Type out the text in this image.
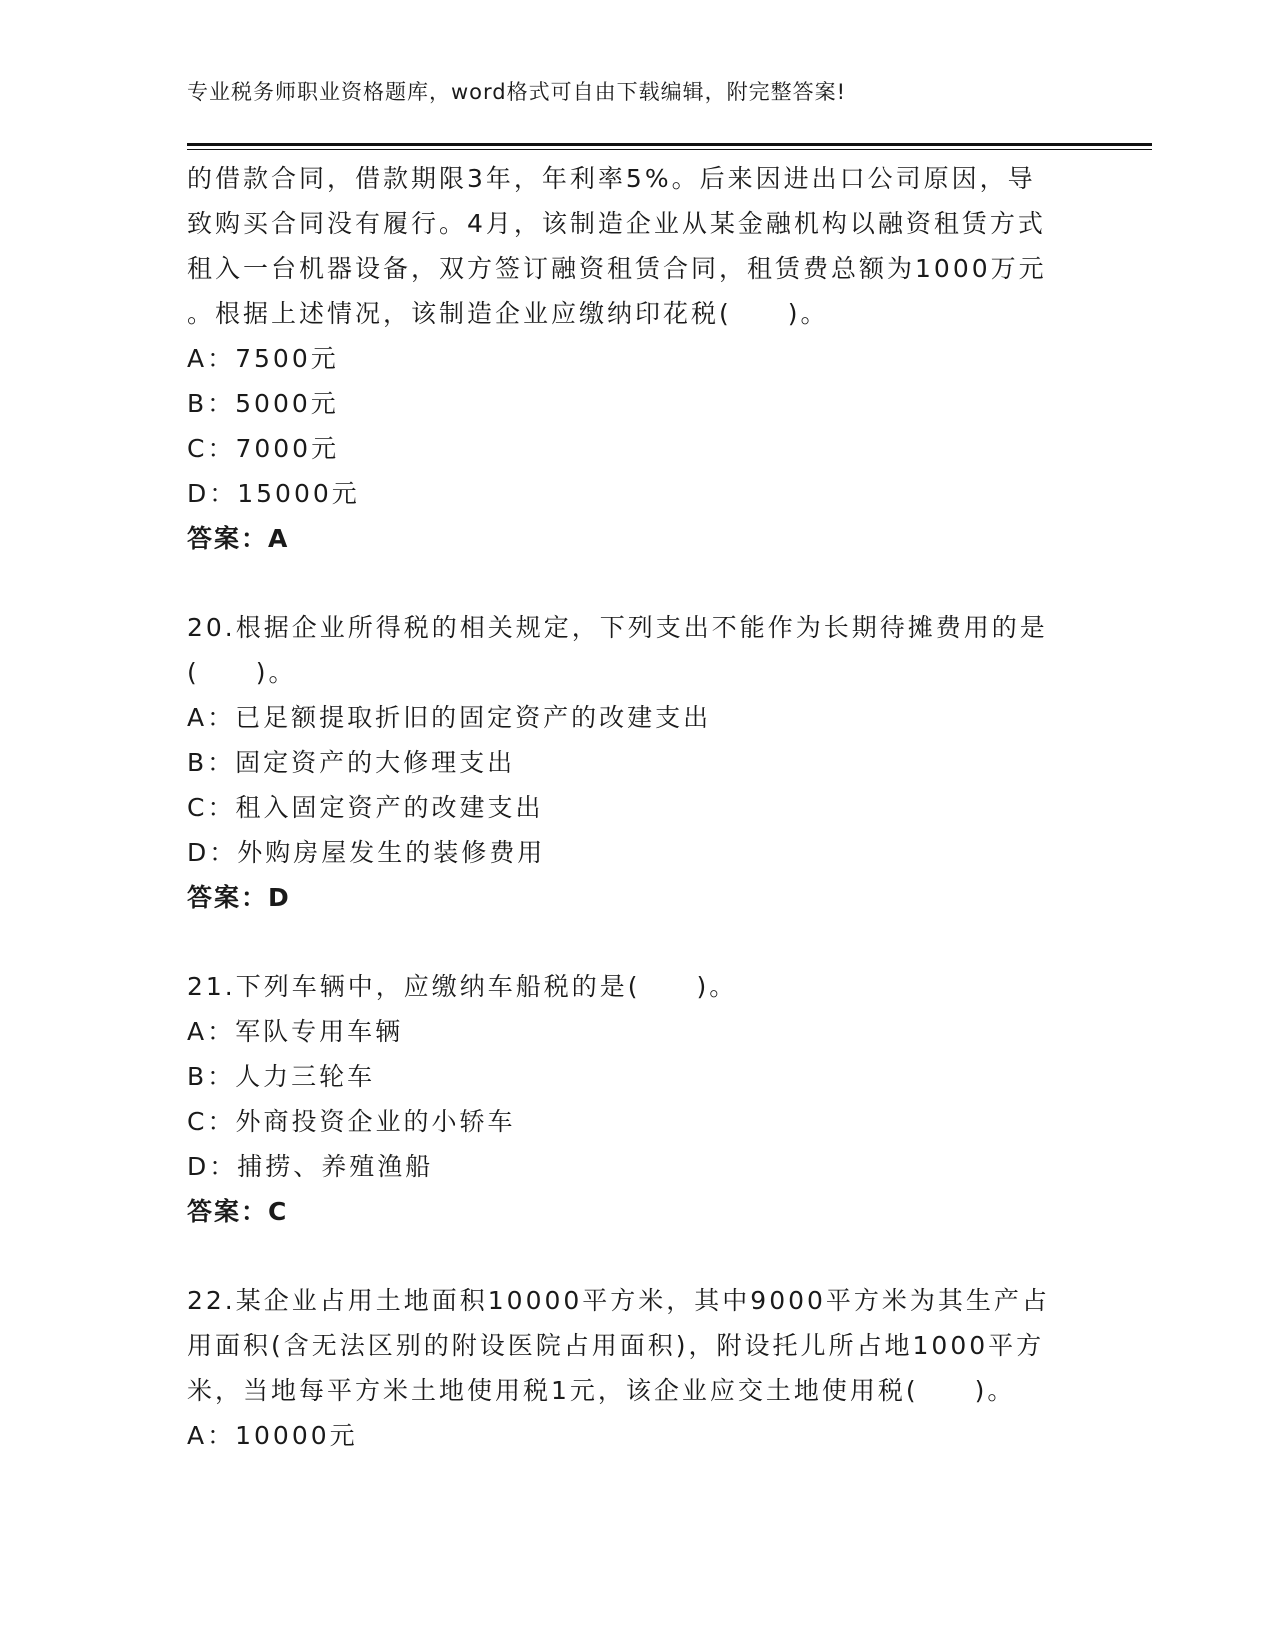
专业税务师职业资格题库，word格式可自由下载编辑，附完整答案!
的借款合同，借款期限3年，年利率5%。后来因进出口公司原因，导
致购买合同没有履行。4月，该制造企业从某金融机构以融资租赁方式
租入一台机器设备，双方签订融资租赁合同，租赁费总额为1000万元
。根据上述情况，该制造企业应缴纳印花税(　　)。
A：7500元
B：5000元
C：7000元
D：15000元
答案：A
20.根据企业所得税的相关规定，下列支出不能作为长期待摊费用的是
(　　)。
A：已足额提取折旧的固定资产的改建支出
B：固定资产的大修理支出
C：租入固定资产的改建支出
D：外购房屋发生的装修费用
答案：D
21.下列车辆中，应缴纳车船税的是(　　)。
A：军队专用车辆
B：人力三轮车
C：外商投资企业的小轿车
D：捕捞、养殖渔船
答案：C
22.某企业占用土地面积10000平方米，其中9000平方米为其生产占
用面积(含无法区别的附设医院占用面积)，附设托儿所占地1000平方
米，当地每平方米土地使用税1元，该企业应交土地使用税(　　)。
A：10000元
